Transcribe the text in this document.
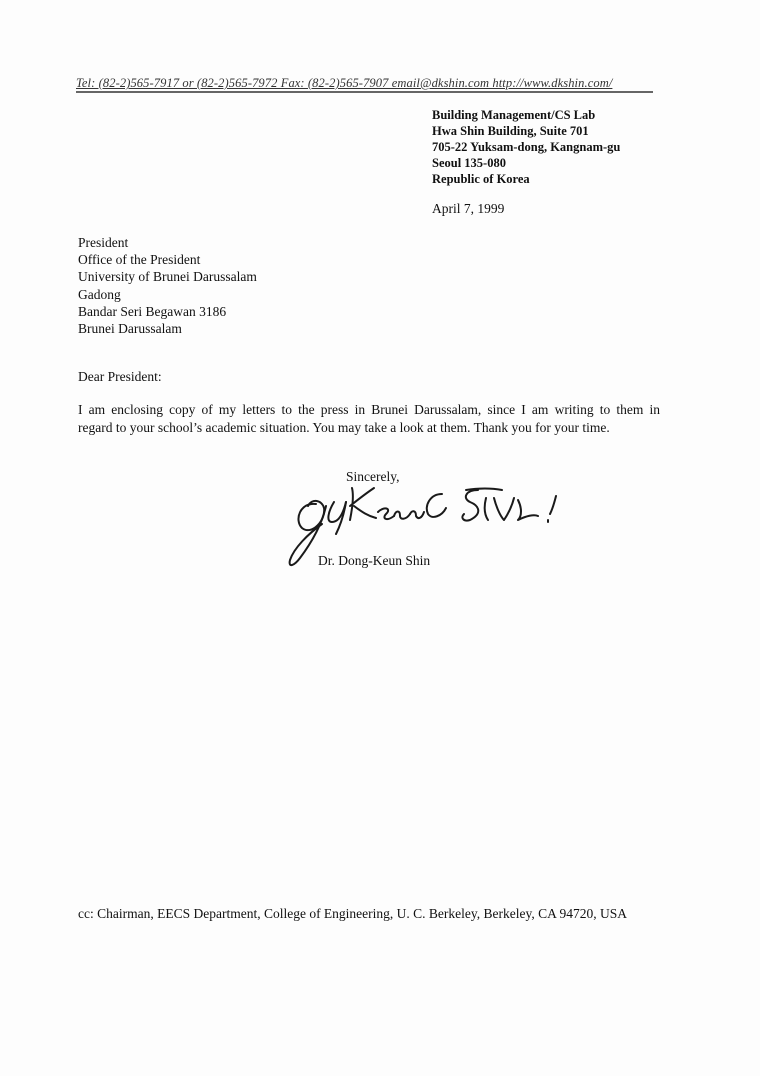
Tel: (82-2)565-7917 or (82-2)565-7972 Fax: (82-2)565-7907 email@dkshin.com http://www.dkshin.com/
Building Management/CS Lab
Hwa Shin Building, Suite 701
705-22 Yuksam-dong, Kangnam-gu
Seoul 135-080
Republic of Korea
April 7, 1999
President
Office of the President
University of Brunei Darussalam
Gadong
Bandar Seri Begawan 3186
Brunei Darussalam
Dear President:
I am enclosing copy of my letters to the press in Brunei Darussalam, since I am writing to them in
regard to your school’s academic situation. You may take a look at them. Thank you for your time.
Sincerely,
Dr. Dong-Keun Shin
cc: Chairman, EECS Department, College of Engineering, U. C. Berkeley, Berkeley, CA 94720, USA
